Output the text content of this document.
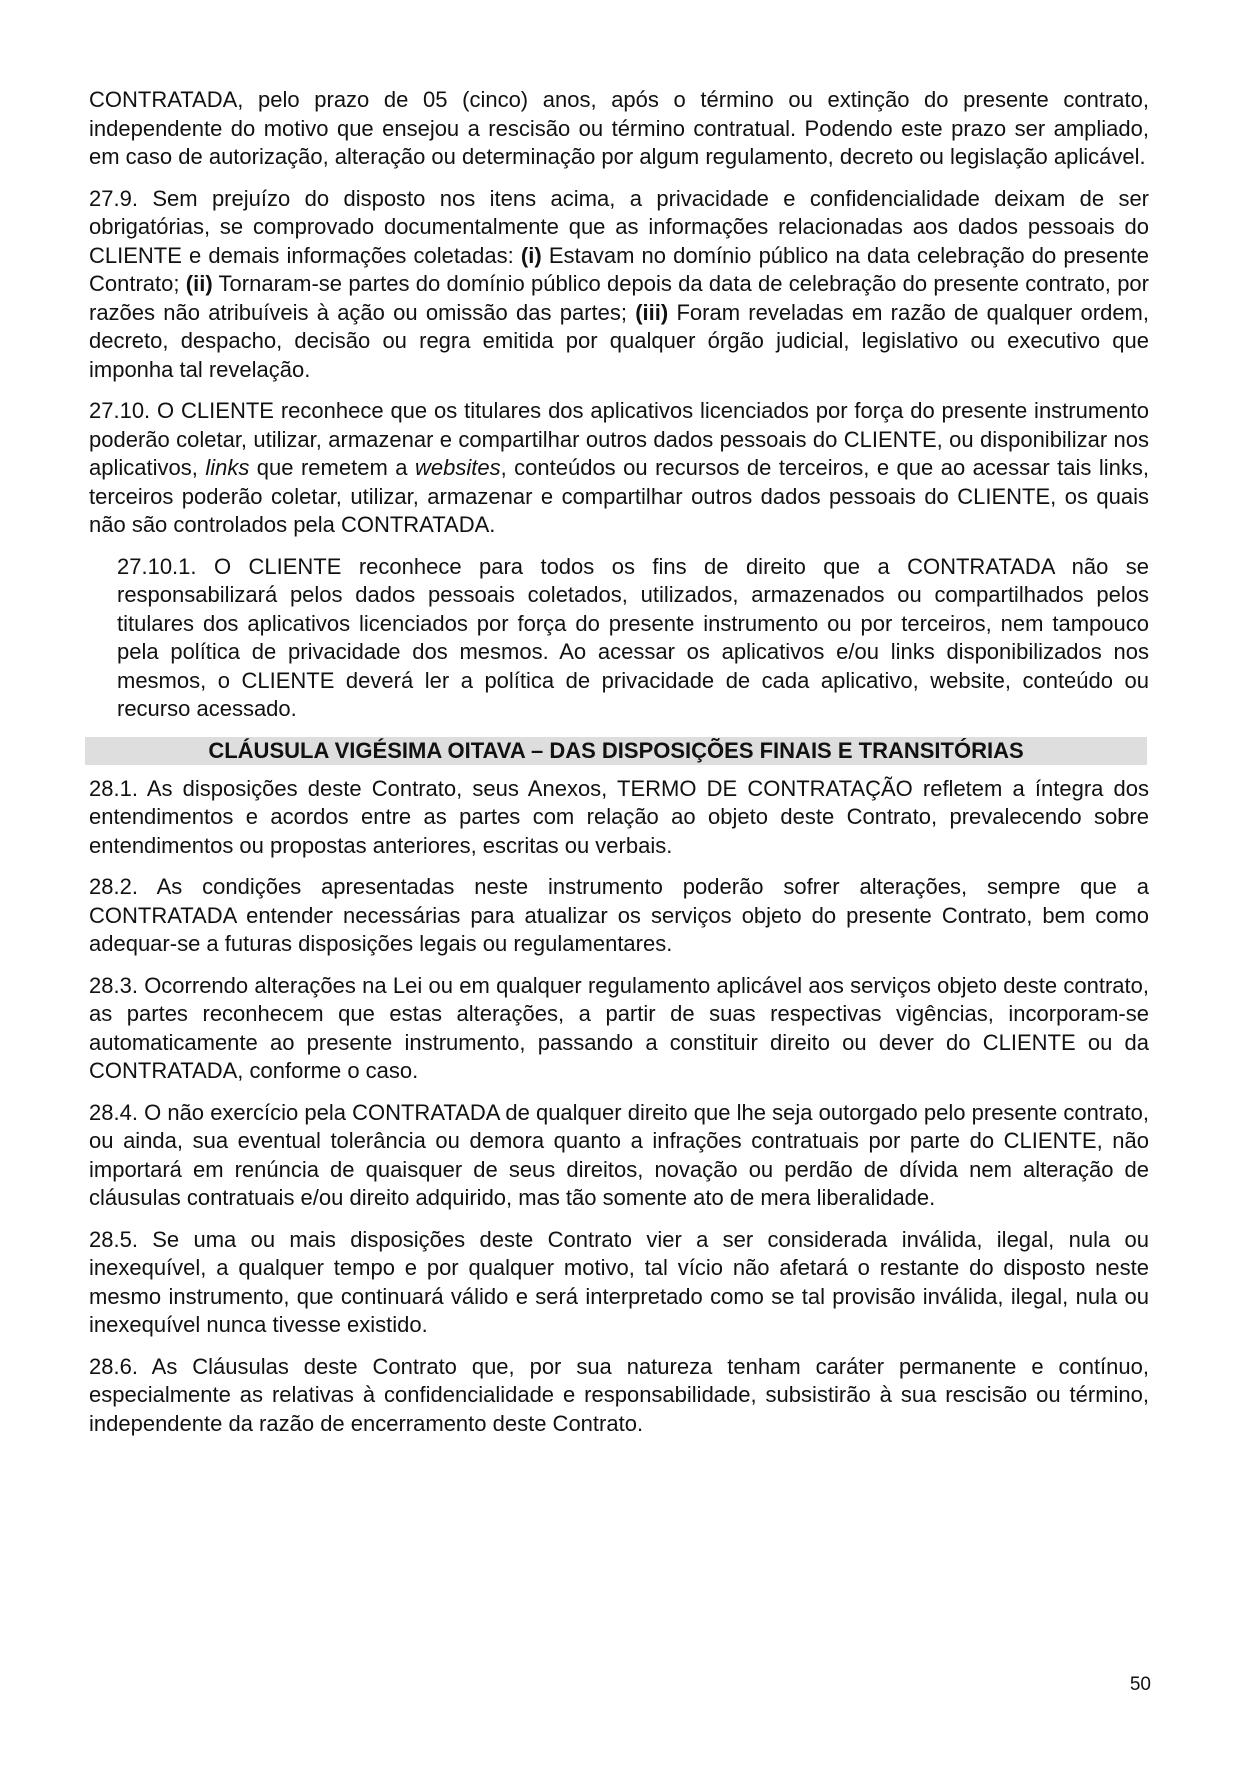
CONTRATADA, pelo prazo de 05 (cinco) anos, após o término ou extinção do presente contrato, independente do motivo que ensejou a rescisão ou término contratual. Podendo este prazo ser ampliado, em caso de autorização, alteração ou determinação por algum regulamento, decreto ou legislação aplicável.

27.9. Sem prejuízo do disposto nos itens acima, a privacidade e confidencialidade deixam de ser obrigatórias, se comprovado documentalmente que as informações relacionadas aos dados pessoais do CLIENTE e demais informações coletadas: (i) Estavam no domínio público na data celebração do presente Contrato; (ii) Tornaram-se partes do domínio público depois da data de celebração do presente contrato, por razões não atribuíveis à ação ou omissão das partes; (iii) Foram reveladas em razão de qualquer ordem, decreto, despacho, decisão ou regra emitida por qualquer órgão judicial, legislativo ou executivo que imponha tal revelação.

27.10. O CLIENTE reconhece que os titulares dos aplicativos licenciados por força do presente instrumento poderão coletar, utilizar, armazenar e compartilhar outros dados pessoais do CLIENTE, ou disponibilizar nos aplicativos, links que remetem a websites, conteúdos ou recursos de terceiros, e que ao acessar tais links, terceiros poderão coletar, utilizar, armazenar e compartilhar outros dados pessoais do CLIENTE, os quais não são controlados pela CONTRATADA.

27.10.1. O CLIENTE reconhece para todos os fins de direito que a CONTRATADA não se responsabilizará pelos dados pessoais coletados, utilizados, armazenados ou compartilhados pelos titulares dos aplicativos licenciados por força do presente instrumento ou por terceiros, nem tampouco pela política de privacidade dos mesmos. Ao acessar os aplicativos e/ou links disponibilizados nos mesmos, o CLIENTE deverá ler a política de privacidade de cada aplicativo, website, conteúdo ou recurso acessado.

CLÁUSULA VIGÉSIMA OITAVA – DAS DISPOSIÇÕES FINAIS E TRANSITÓRIAS

28.1. As disposições deste Contrato, seus Anexos, TERMO DE CONTRATAÇÃO refletem a íntegra dos entendimentos e acordos entre as partes com relação ao objeto deste Contrato, prevalecendo sobre entendimentos ou propostas anteriores, escritas ou verbais.

28.2. As condições apresentadas neste instrumento poderão sofrer alterações, sempre que a CONTRATADA entender necessárias para atualizar os serviços objeto do presente Contrato, bem como adequar-se a futuras disposições legais ou regulamentares.

28.3. Ocorrendo alterações na Lei ou em qualquer regulamento aplicável aos serviços objeto deste contrato, as partes reconhecem que estas alterações, a partir de suas respectivas vigências, incorporam-se automaticamente ao presente instrumento, passando a constituir direito ou dever do CLIENTE ou da CONTRATADA, conforme o caso.

28.4. O não exercício pela CONTRATADA de qualquer direito que lhe seja outorgado pelo presente contrato, ou ainda, sua eventual tolerância ou demora quanto a infrações contratuais por parte do CLIENTE, não importará em renúncia de quaisquer de seus direitos, novação ou perdão de dívida nem alteração de cláusulas contratuais e/ou direito adquirido, mas tão somente ato de mera liberalidade.

28.5. Se uma ou mais disposições deste Contrato vier a ser considerada inválida, ilegal, nula ou inexequível, a qualquer tempo e por qualquer motivo, tal vício não afetará o restante do disposto neste mesmo instrumento, que continuará válido e será interpretado como se tal provisão inválida, ilegal, nula ou inexequível nunca tivesse existido.

28.6. As Cláusulas deste Contrato que, por sua natureza tenham caráter permanente e contínuo, especialmente as relativas à confidencialidade e responsabilidade, subsistirão à sua rescisão ou término, independente da razão de encerramento deste Contrato.

50
